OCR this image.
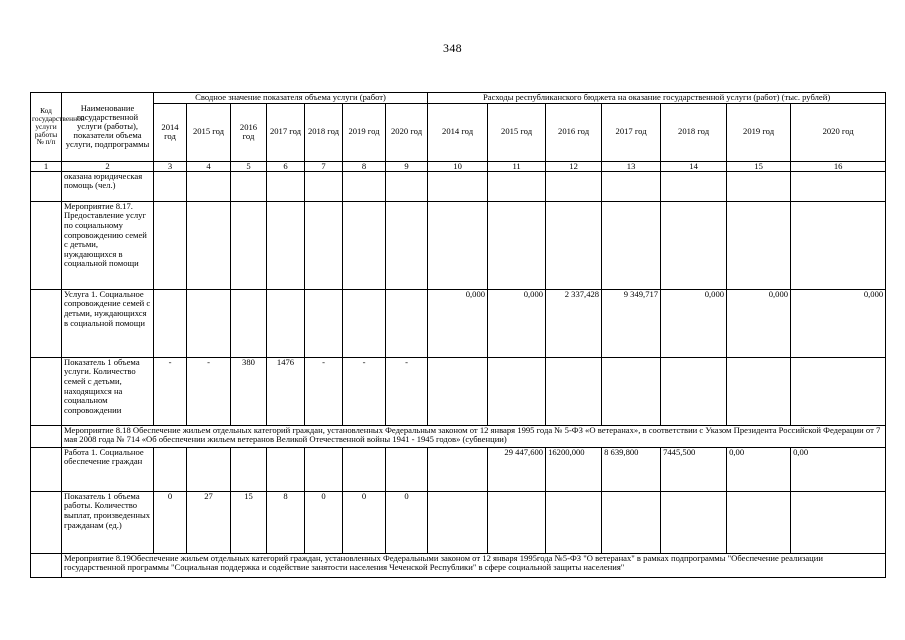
348
Код государственной услуги работы № п/п	Наименование государственной услуги (работы), показатели объема услуги, подпрограммы	Сводное значение показателя объема услуги (работ)							Расходы республиканского бюджета на оказание государственной услуги (работ) (тыс. рублей)						
		2014 год	2015 год	2016 год	2017 год	2018 год	2019 год	2020 год	2014 год	2015 год	2016 год	2017 год	2018 год	2019 год	2020 год
1	2	3	4	5	6	7	8	9	10	11	12	13	14	15	16
	оказана юридическая помощь (чел.)														
	Мероприятие 8.17. Предоставление услуг по социальному сопровождению семей с детьми, нуждающихся в социальной помощи														
	Услуга 1. Социальное сопровождение семей с детьми, нуждающихся в социальной помощи								0,000	0,000	2 337,428	9 349,717	0,000	0,000	0,000
	Показатель 1 объема услуги. Количество семей с детьми, находящихся на социальном сопровождении	-	-	380	1476	-	-	-							
	Мероприятие 8.18 Обеспечение жильем отдельных категорий граждан, установленных Федеральным законом от 12 января 1995 года № 5-ФЗ «О ветеранах», в соответствии с Указом Президента Российской Федерации от 7 мая 2008 года № 714 «Об обеспечении жильем ветеранов Великой Отечественной войны 1941 - 1945 годов» (субвенции)														
	Работа 1. Социальное обеспечение граждан									29 447,600	16200,000	8 639,800	7445,500	0,00	0,00
	Показатель 1 объема работы. Количество выплат, произведенных гражданам (ед.)	0	27	15	8	0	0	0							
	Мероприятие 8.19Обеспечение жильем отдельных категорий граждан, установленных Федеральными законом от 12 января 1995года №5-ФЗ "О ветеранах" в рамках подпрограммы "Обеспечение реализации государственной программы "Социальная поддержка и содействие занятости населения Чеченской Республики" в сфере социальной защиты населения"														
